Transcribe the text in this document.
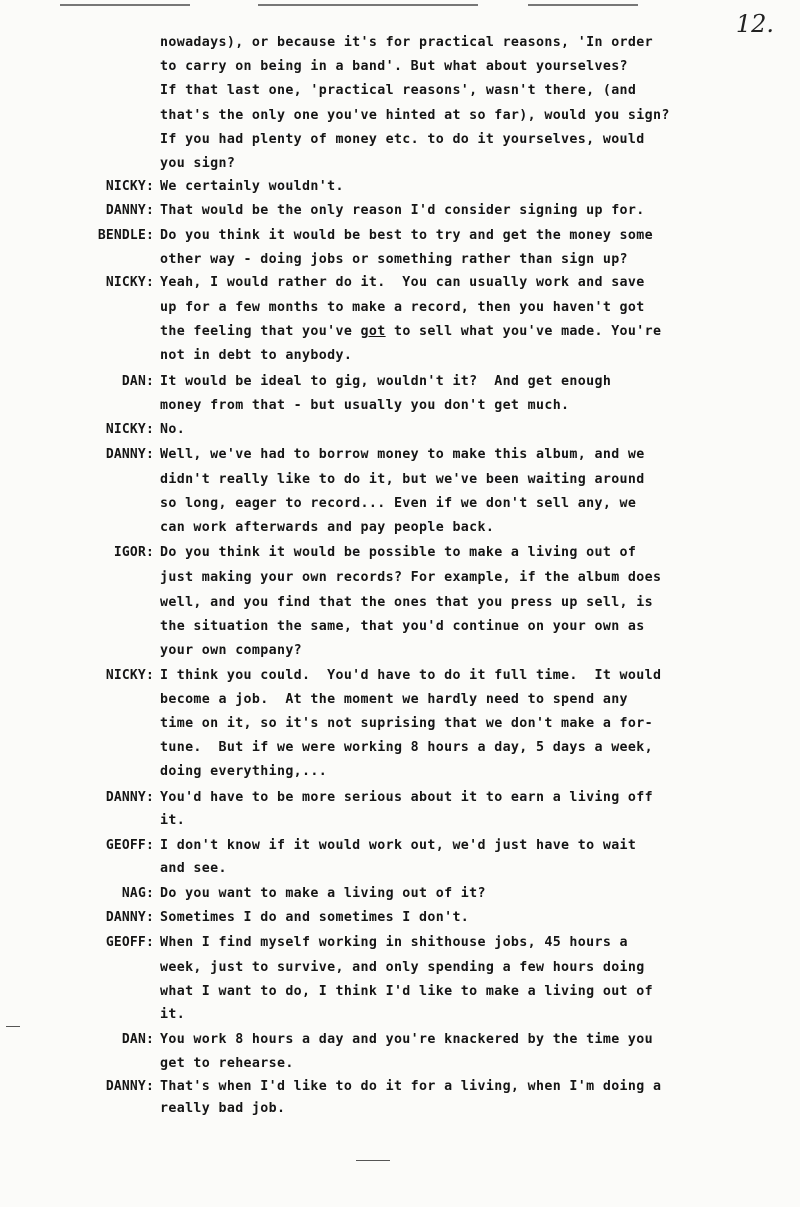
12.
nowadays), or because it's for practical reasons, 'In order
to carry on being in a band'. But what about yourselves?
If that last one, 'practical reasons', wasn't there, (and
that's the only one you've hinted at so far), would you sign?
If you had plenty of money etc. to do it yourselves, would
you sign?
NICKY: We certainly wouldn't.
DANNY: That would be the only reason I'd consider signing up for.
BENDLE: Do you think it would be best to try and get the money some
other way - doing jobs or something rather than sign up?
NICKY: Yeah, I would rather do it.  You can usually work and save
up for a few months to make a record, then you haven't got
the feeling that you've got to sell what you've made. You're
not in debt to anybody.
DAN: It would be ideal to gig, wouldn't it?  And get enough
money from that - but usually you don't get much.
NICKY: No.
DANNY: Well, we've had to borrow money to make this album, and we
didn't really like to do it, but we've been waiting around
so long, eager to record... Even if we don't sell any, we
can work afterwards and pay people back.
IGOR: Do you think it would be possible to make a living out of
just making your own records? For example, if the album does
well, and you find that the ones that you press up sell, is
the situation the same, that you'd continue on your own as
your own company?
NICKY: I think you could.  You'd have to do it full time.  It would
become a job.  At the moment we hardly need to spend any
time on it, so it's not suprising that we don't make a for-
tune.  But if we were working 8 hours a day, 5 days a week,
doing everything,...
DANNY: You'd have to be more serious about it to earn a living off
it.
GEOFF: I don't know if it would work out, we'd just have to wait
and see.
NAG: Do you want to make a living out of it?
DANNY: Sometimes I do and sometimes I don't.
GEOFF: When I find myself working in shithouse jobs, 45 hours a
week, just to survive, and only spending a few hours doing
what I want to do, I think I'd like to make a living out of
it.
DAN: You work 8 hours a day and you're knackered by the time you
get to rehearse.
DANNY: That's when I'd like to do it for a living, when I'm doing a
really bad job.
